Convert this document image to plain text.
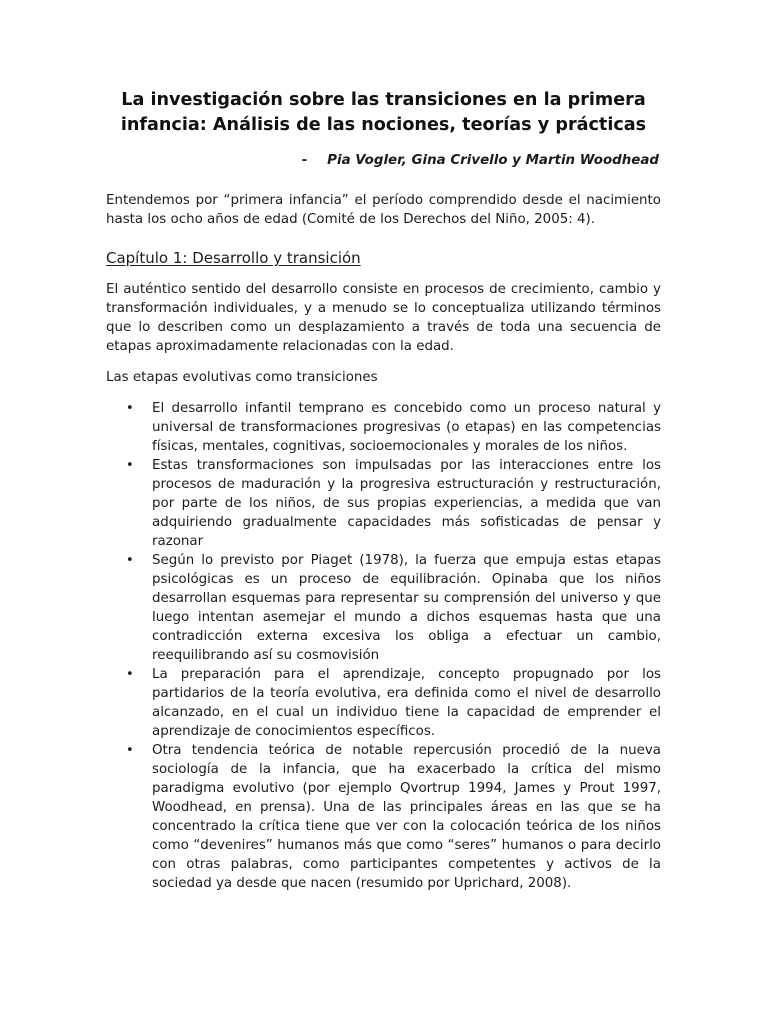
La investigación sobre las transiciones en la primera infancia: Análisis de las nociones, teorías y prácticas
- Pia Vogler, Gina Crivello y Martin Woodhead

Entendemos por “primera infancia” el período comprendido desde el nacimiento hasta los ocho años de edad (Comité de los Derechos del Niño, 2005: 4).

Capítulo 1: Desarrollo y transición

El auténtico sentido del desarrollo consiste en procesos de crecimiento, cambio y transformación individuales, y a menudo se lo conceptualiza utilizando términos que lo describen como un desplazamiento a través de toda una secuencia de etapas aproximadamente relacionadas con la edad.

Las etapas evolutivas como transiciones

• El desarrollo infantil temprano es concebido como un proceso natural y universal de transformaciones progresivas (o etapas) en las competencias físicas, mentales, cognitivas, socioemocionales y morales de los niños.
• Estas transformaciones son impulsadas por las interacciones entre los procesos de maduración y la progresiva estructuración y restructuración, por parte de los niños, de sus propias experiencias, a medida que van adquiriendo gradualmente capacidades más sofisticadas de pensar y razonar
• Según lo previsto por Piaget (1978), la fuerza que empuja estas etapas psicológicas es un proceso de equilibración. Opinaba que los niños desarrollan esquemas para representar su comprensión del universo y que luego intentan asemejar el mundo a dichos esquemas hasta que una contradicción externa excesiva los obliga a efectuar un cambio, reequilibrando así su cosmovisión
• La preparación para el aprendizaje, concepto propugnado por los partidarios de la teoría evolutiva, era definida como el nivel de desarrollo alcanzado, en el cual un individuo tiene la capacidad de emprender el aprendizaje de conocimientos específicos.
• Otra tendencia teórica de notable repercusión procedió de la nueva sociología de la infancia, que ha exacerbado la crítica del mismo paradigma evolutivo (por ejemplo Qvortrup 1994, James y Prout 1997, Woodhead, en prensa). Una de las principales áreas en las que se ha concentrado la crítica tiene que ver con la colocación teórica de los niños como “devenires” humanos más que como “seres” humanos o para decirlo con otras palabras, como participantes competentes y activos de la sociedad ya desde que nacen (resumido por Uprichard, 2008).
